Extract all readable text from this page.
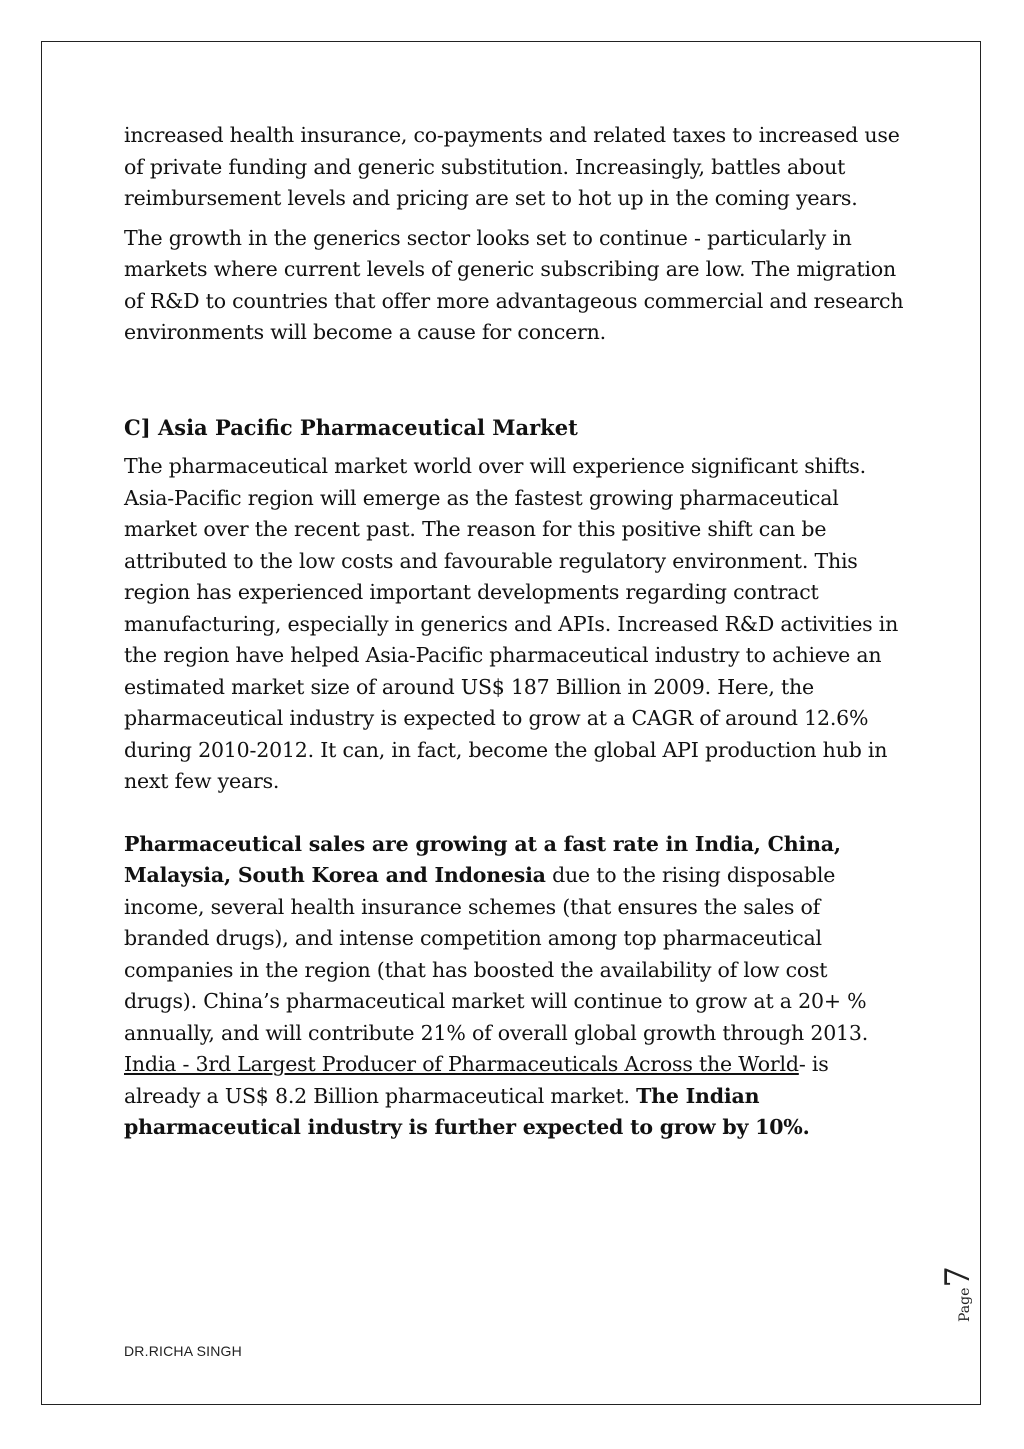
increased health insurance, co-payments and related taxes to increased use of private funding and generic substitution. Increasingly, battles about reimbursement levels and pricing are set to hot up in the coming years.

The growth in the generics sector looks set to continue - particularly in markets where current levels of generic subscribing are low. The migration of R&D to countries that offer more advantageous commercial and research environments will become a cause for concern.

C] Asia Pacific Pharmaceutical Market

The pharmaceutical market world over will experience significant shifts. Asia-Pacific region will emerge as the fastest growing pharmaceutical market over the recent past. The reason for this positive shift can be attributed to the low costs and favourable regulatory environment. This region has experienced important developments regarding contract manufacturing, especially in generics and APIs. Increased R&D activities in the region have helped Asia-Pacific pharmaceutical industry to achieve an estimated market size of around US$ 187 Billion in 2009. Here, the pharmaceutical industry is expected to grow at a CAGR of around 12.6% during 2010-2012. It can, in fact, become the global API production hub in next few years.

Pharmaceutical sales are growing at a fast rate in India, China, Malaysia, South Korea and Indonesia due to the rising disposable income, several health insurance schemes (that ensures the sales of branded drugs), and intense competition among top pharmaceutical companies in the region (that has boosted the availability of low cost drugs). China’s pharmaceutical market will continue to grow at a 20+ % annually, and will contribute 21% of overall global growth through 2013. India - 3rd Largest Producer of Pharmaceuticals Across the World- is already a US$ 8.2 Billion pharmaceutical market. The Indian pharmaceutical industry is further expected to grow by 10%.

DR.RICHA SINGH
Page7
